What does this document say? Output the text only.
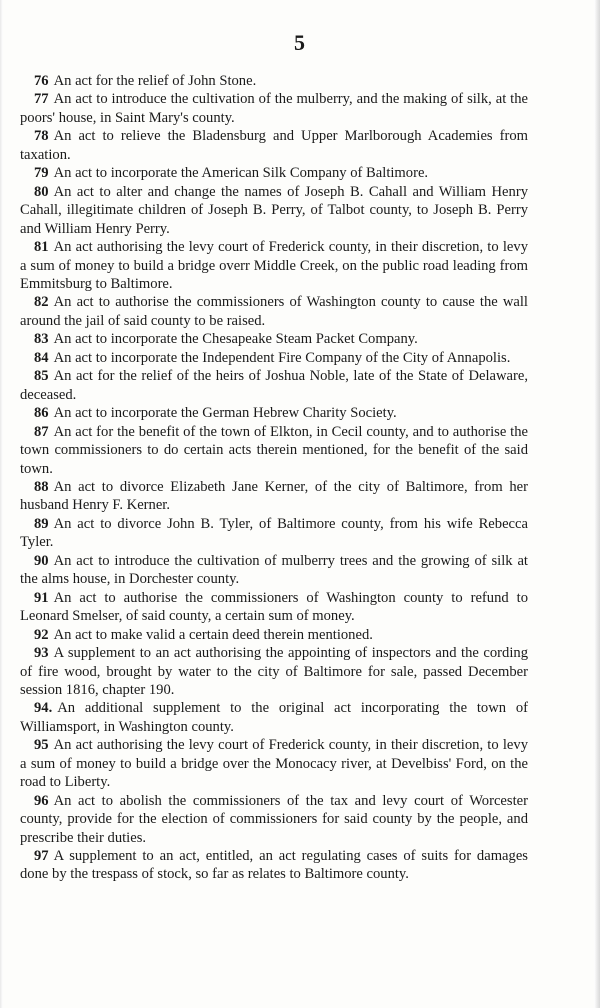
5

76 An act for the relief of John Stone.

77 An act to introduce the cultivation of the mulberry, and the making of silk, at the poors' house, in Saint Mary's county.

78 An act to relieve the Bladensburg and Upper Marlborough Academies from taxation.

79 An act to incorporate the American Silk Company of Baltimore.

80 An act to alter and change the names of Joseph B. Cahall and William Henry Cahall, illegitimate children of Joseph B. Perry, of Talbot county, to Joseph B. Perry and William Henry Perry.

81 An act authorising the levy court of Frederick county, in their discretion, to levy a sum of money to build a bridge overr Middle Creek, on the public road leading from Emmitsburg to Baltimore.

82 An act to authorise the commissioners of Washington county to cause the wall around the jail of said county to be raised.

83 An act to incorporate the Chesapeake Steam Packet Company.

84 An act to incorporate the Independent Fire Company of the City of Annapolis.

85 An act for the relief of the heirs of Joshua Noble, late of the State of Delaware, deceased.

86 An act to incorporate the German Hebrew Charity Society.

87 An act for the benefit of the town of Elkton, in Cecil county, and to authorise the town commissioners to do certain acts therein mentioned, for the benefit of the said town.

88 An act to divorce Elizabeth Jane Kerner, of the city of Baltimore, from her husband Henry F. Kerner.

89 An act to divorce John B. Tyler, of Baltimore county, from his wife Rebecca Tyler.

90 An act to introduce the cultivation of mulberry trees and the growing of silk at the alms house, in Dorchester county.

91 An act to authorise the commissioners of Washington county to refund to Leonard Smelser, of said county, a certain sum of money.

92 An act to make valid a certain deed therein mentioned.

93 A supplement to an act authorising the appointing of inspectors and the cording of fire wood, brought by water to the city of Baltimore for sale, passed December session 1816, chapter 190.

94. An additional supplement to the original act incorporating the town of Williamsport, in Washington county.

95 An act authorising the levy court of Frederick county, in their discretion, to levy a sum of money to build a bridge over the Monocacy river, at Develbiss' Ford, on the road to Liberty.

96 An act to abolish the commissioners of the tax and levy court of Worcester county, provide for the election of commissioners for said county by the people, and prescribe their duties.

97 A supplement to an act, entitled, an act regulating cases of suits for damages done by the trespass of stock, so far as relates to Baltimore county.
